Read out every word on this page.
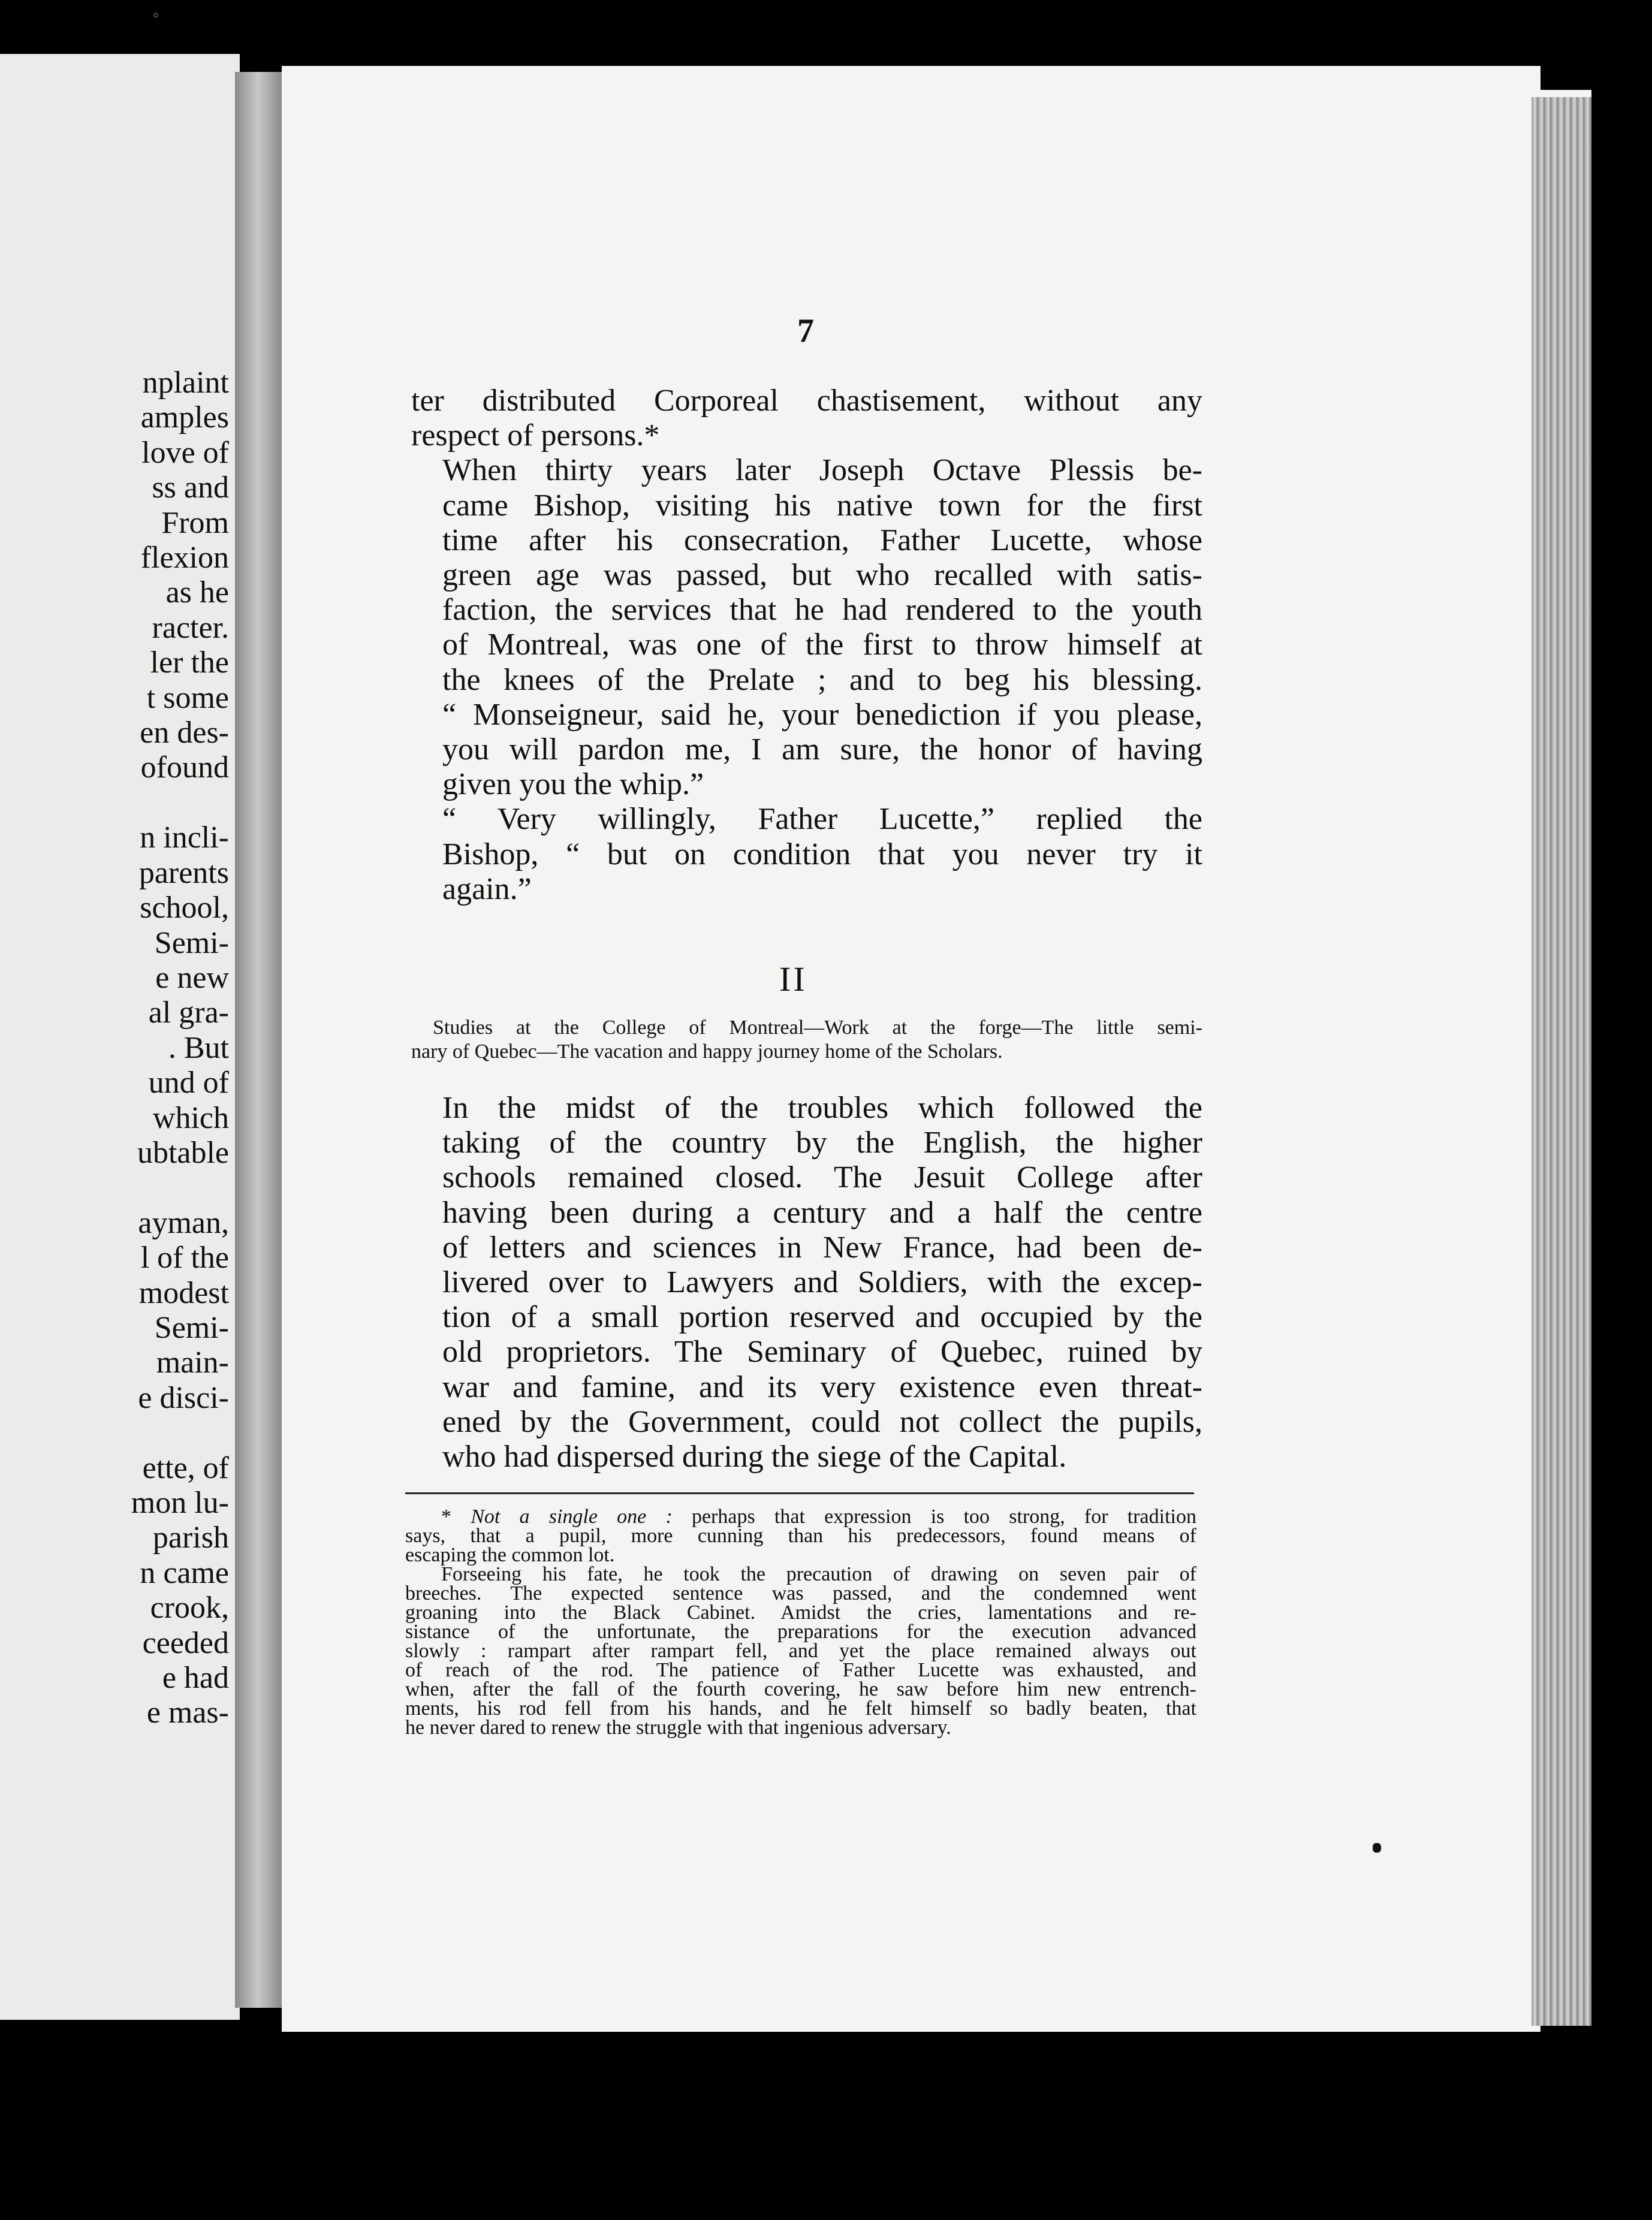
°
nplaint
amples
love of
ss and
From
flexion
as he
racter.
ler the
t some
en des-
ofound

n incli-
parents
school,
Semi-
e new
al gra-
. But
und of
which
ubtable

ayman,
l of the
modest
Semi-
main-
e disci-

ette, of
mon lu-
parish
n came
crook,
ceeded
e had
e mas-
7

ter distributed Corporeal chastisement, without any
respect of persons.*

When thirty years later Joseph Octave Plessis be-
came Bishop, visiting his native town for the first
time after his consecration, Father Lucette, whose
green age was passed, but who recalled with satis-
faction, the services that he had rendered to the youth
of Montreal, was one of the first to throw himself at
the knees of the Prelate ; and to beg his blessing.
“ Monseigneur, said he, your benediction if you please,
you will pardon me, I am sure, the honor of having
given you the whip.”

“ Very willingly, Father Lucette,” replied the
Bishop, “ but on condition that you never try it
again.”

II
Studies at the College of Montreal—Work at the forge—The little semi-
nary of Quebec—The vacation and happy journey home of the Scholars.

In the midst of the troubles which followed the
taking of the country by the English, the higher
schools remained closed. The Jesuit College after
having been during a century and a half the centre
of letters and sciences in New France, had been de-
livered over to Lawyers and Soldiers, with the excep-
tion of a small portion reserved and occupied by the
old proprietors. The Seminary of Quebec, ruined by
war and famine, and its very existence even threat-
ened by the Government, could not collect the pupils,
who had dispersed during the siege of the Capital.

* Not a single one : perhaps that expression is too strong, for tradition
says, that a pupil, more cunning than his predecessors, found means of
escaping the common lot.

Forseeing his fate, he took the precaution of drawing on seven pair of
breeches. The expected sentence was passed, and the condemned went
groaning into the Black Cabinet. Amidst the cries, lamentations and re-
sistance of the unfortunate, the preparations for the execution advanced
slowly : rampart after rampart fell, and yet the place remained always out
of reach of the rod. The patience of Father Lucette was exhausted, and
when, after the fall of the fourth covering, he saw before him new entrench-
ments, his rod fell from his hands, and he felt himself so badly beaten, that
he never dared to renew the struggle with that ingenious adversary.
